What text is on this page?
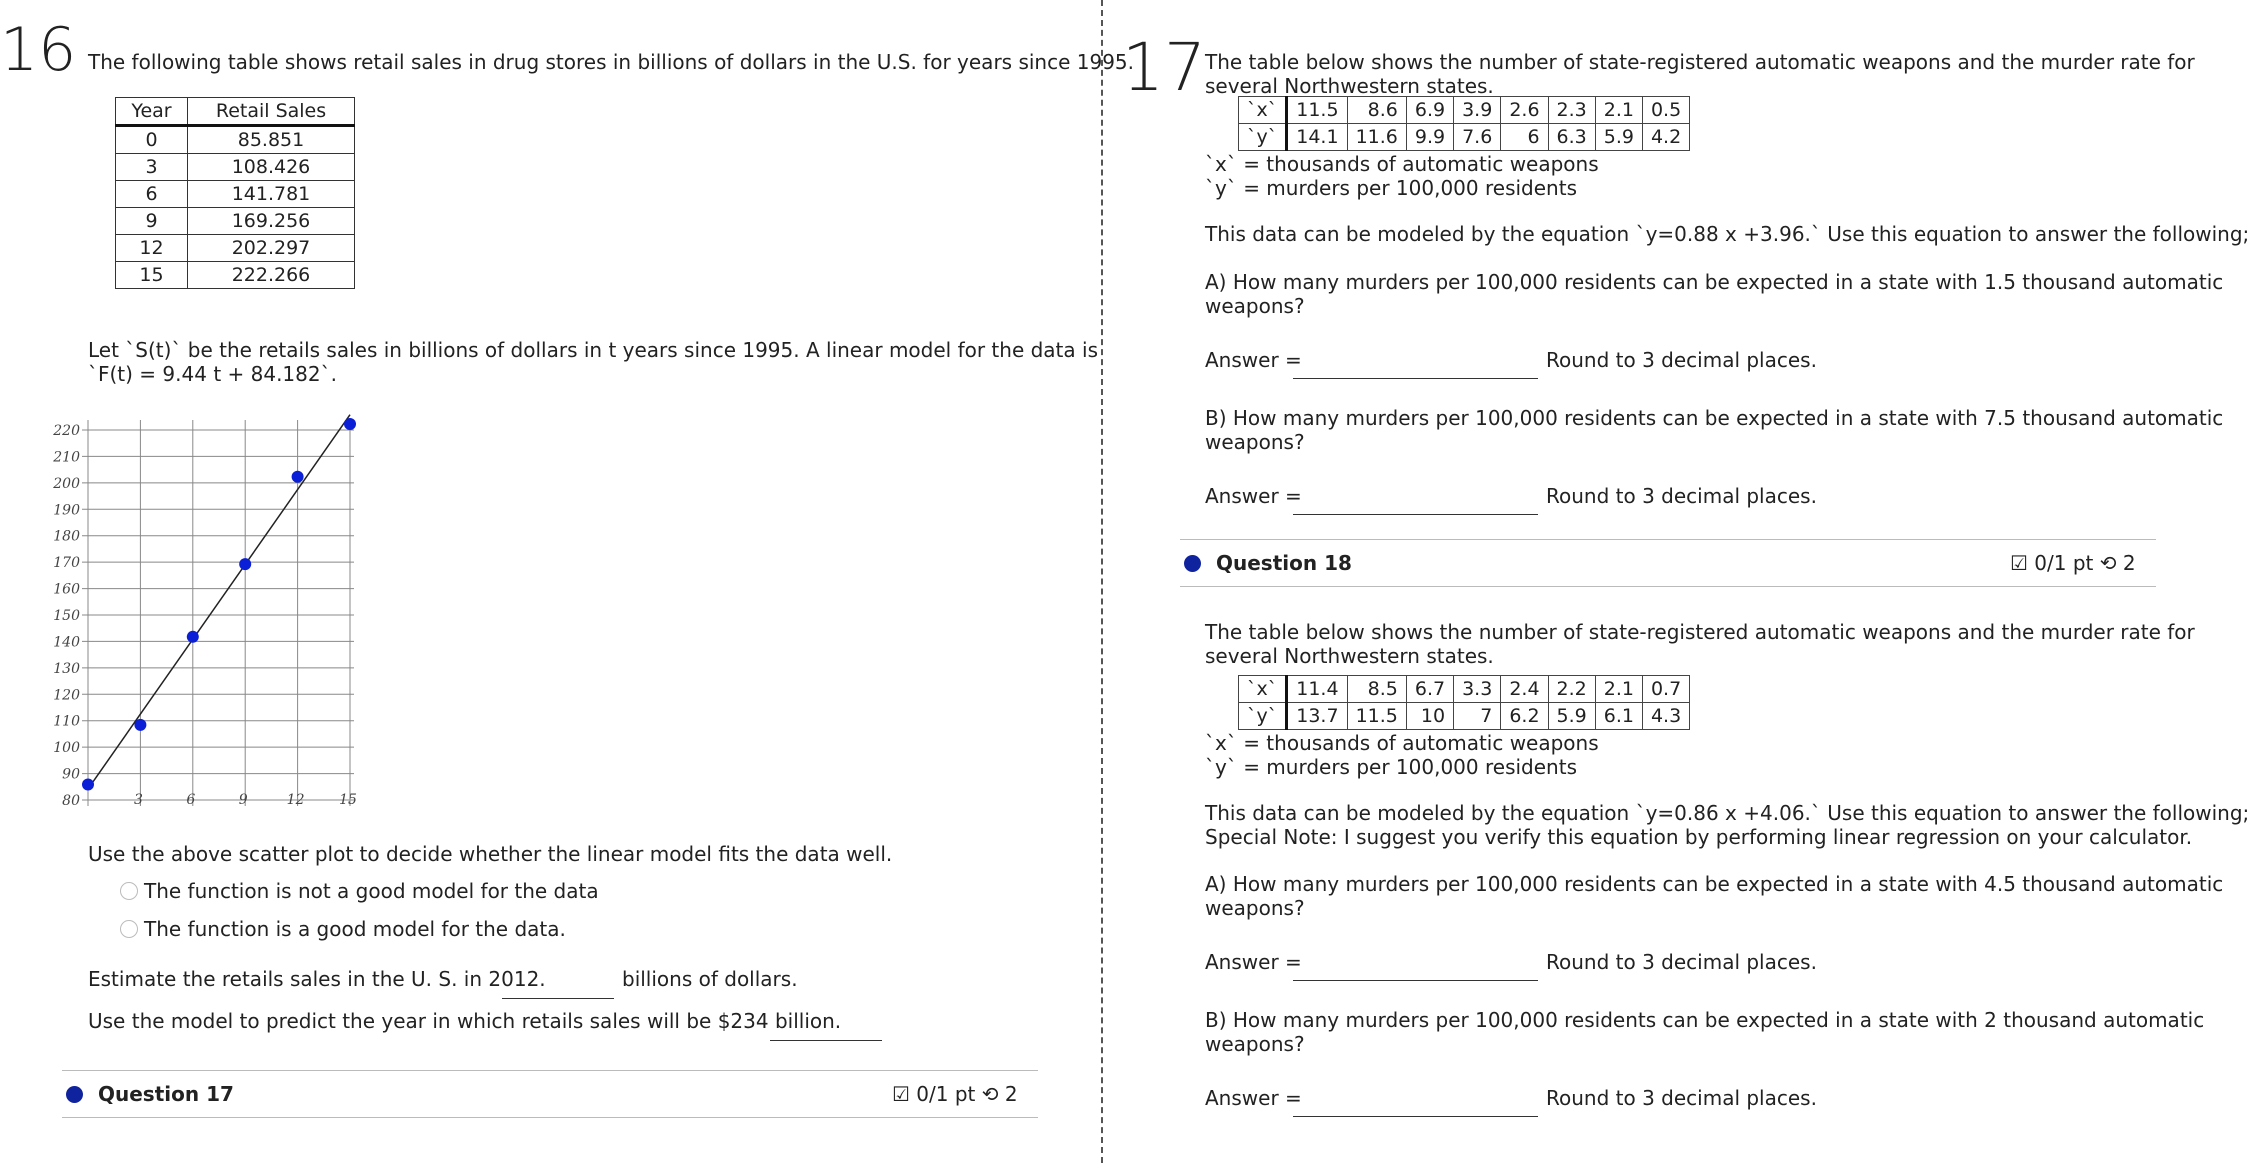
16 The following table shows retail sales in drug stores in billions of dollars in the U.S. for years since 1995.
Year	Retail Sales
0	85.851
3	108.426
6	141.781
9	169.256
12	202.297
15	222.266
Let `S(t)` be the retails sales in billions of dollars in t years since 1995. A linear model for the data is
`F(t) = 9.44 t + 84.182`.
220
210
200
190
180
170
160
150
140
130
120
110
100
90
80	3	6	9	12 15
Use the above scatter plot to decide whether the linear model fits the data well.
The function is not a good model for the data
The function is a good model for the data.
Estimate the retails sales in the U. S. in 2012.	billions of dollars.
Use the model to predict the year in which retails sales will be $234 billion.
Question 17	☑ 0/1 pt ⟲ 2
17 The table below shows the number of state-registered automatic weapons and the murder rate for
several Northwestern states.
`x`	11.5	8.6	6.9	3.9	2.6	2.3	2.1	0.5
`y`	14.1	11.6	9.9	7.6	6	6.3	5.9	4.2
`x` = thousands of automatic weapons
`y` = murders per 100,000 residents
This data can be modeled by the equation `y=0.88 x +3.96.` Use this equation to answer the following;
A) How many murders per 100,000 residents can be expected in a state with 1.5 thousand automatic
weapons?
Answer =	Round to 3 decimal places.
B) How many murders per 100,000 residents can be expected in a state with 7.5 thousand automatic
weapons?
Answer =	Round to 3 decimal places.
Question 18	☑ 0/1 pt ⟲ 2
The table below shows the number of state-registered automatic weapons and the murder rate for
several Northwestern states.
`x`	11.4	8.5	6.7	3.3	2.4	2.2	2.1	0.7
`y`	13.7	11.5	10	7	6.2	5.9	6.1	4.3
`x` = thousands of automatic weapons
`y` = murders per 100,000 residents
This data can be modeled by the equation `y=0.86 x +4.06.` Use this equation to answer the following;
Special Note: I suggest you verify this equation by performing linear regression on your calculator.
A) How many murders per 100,000 residents can be expected in a state with 4.5 thousand automatic
weapons?
Answer =	Round to 3 decimal places.
B) How many murders per 100,000 residents can be expected in a state with 2 thousand automatic
weapons?
Answer =	Round to 3 decimal places.
